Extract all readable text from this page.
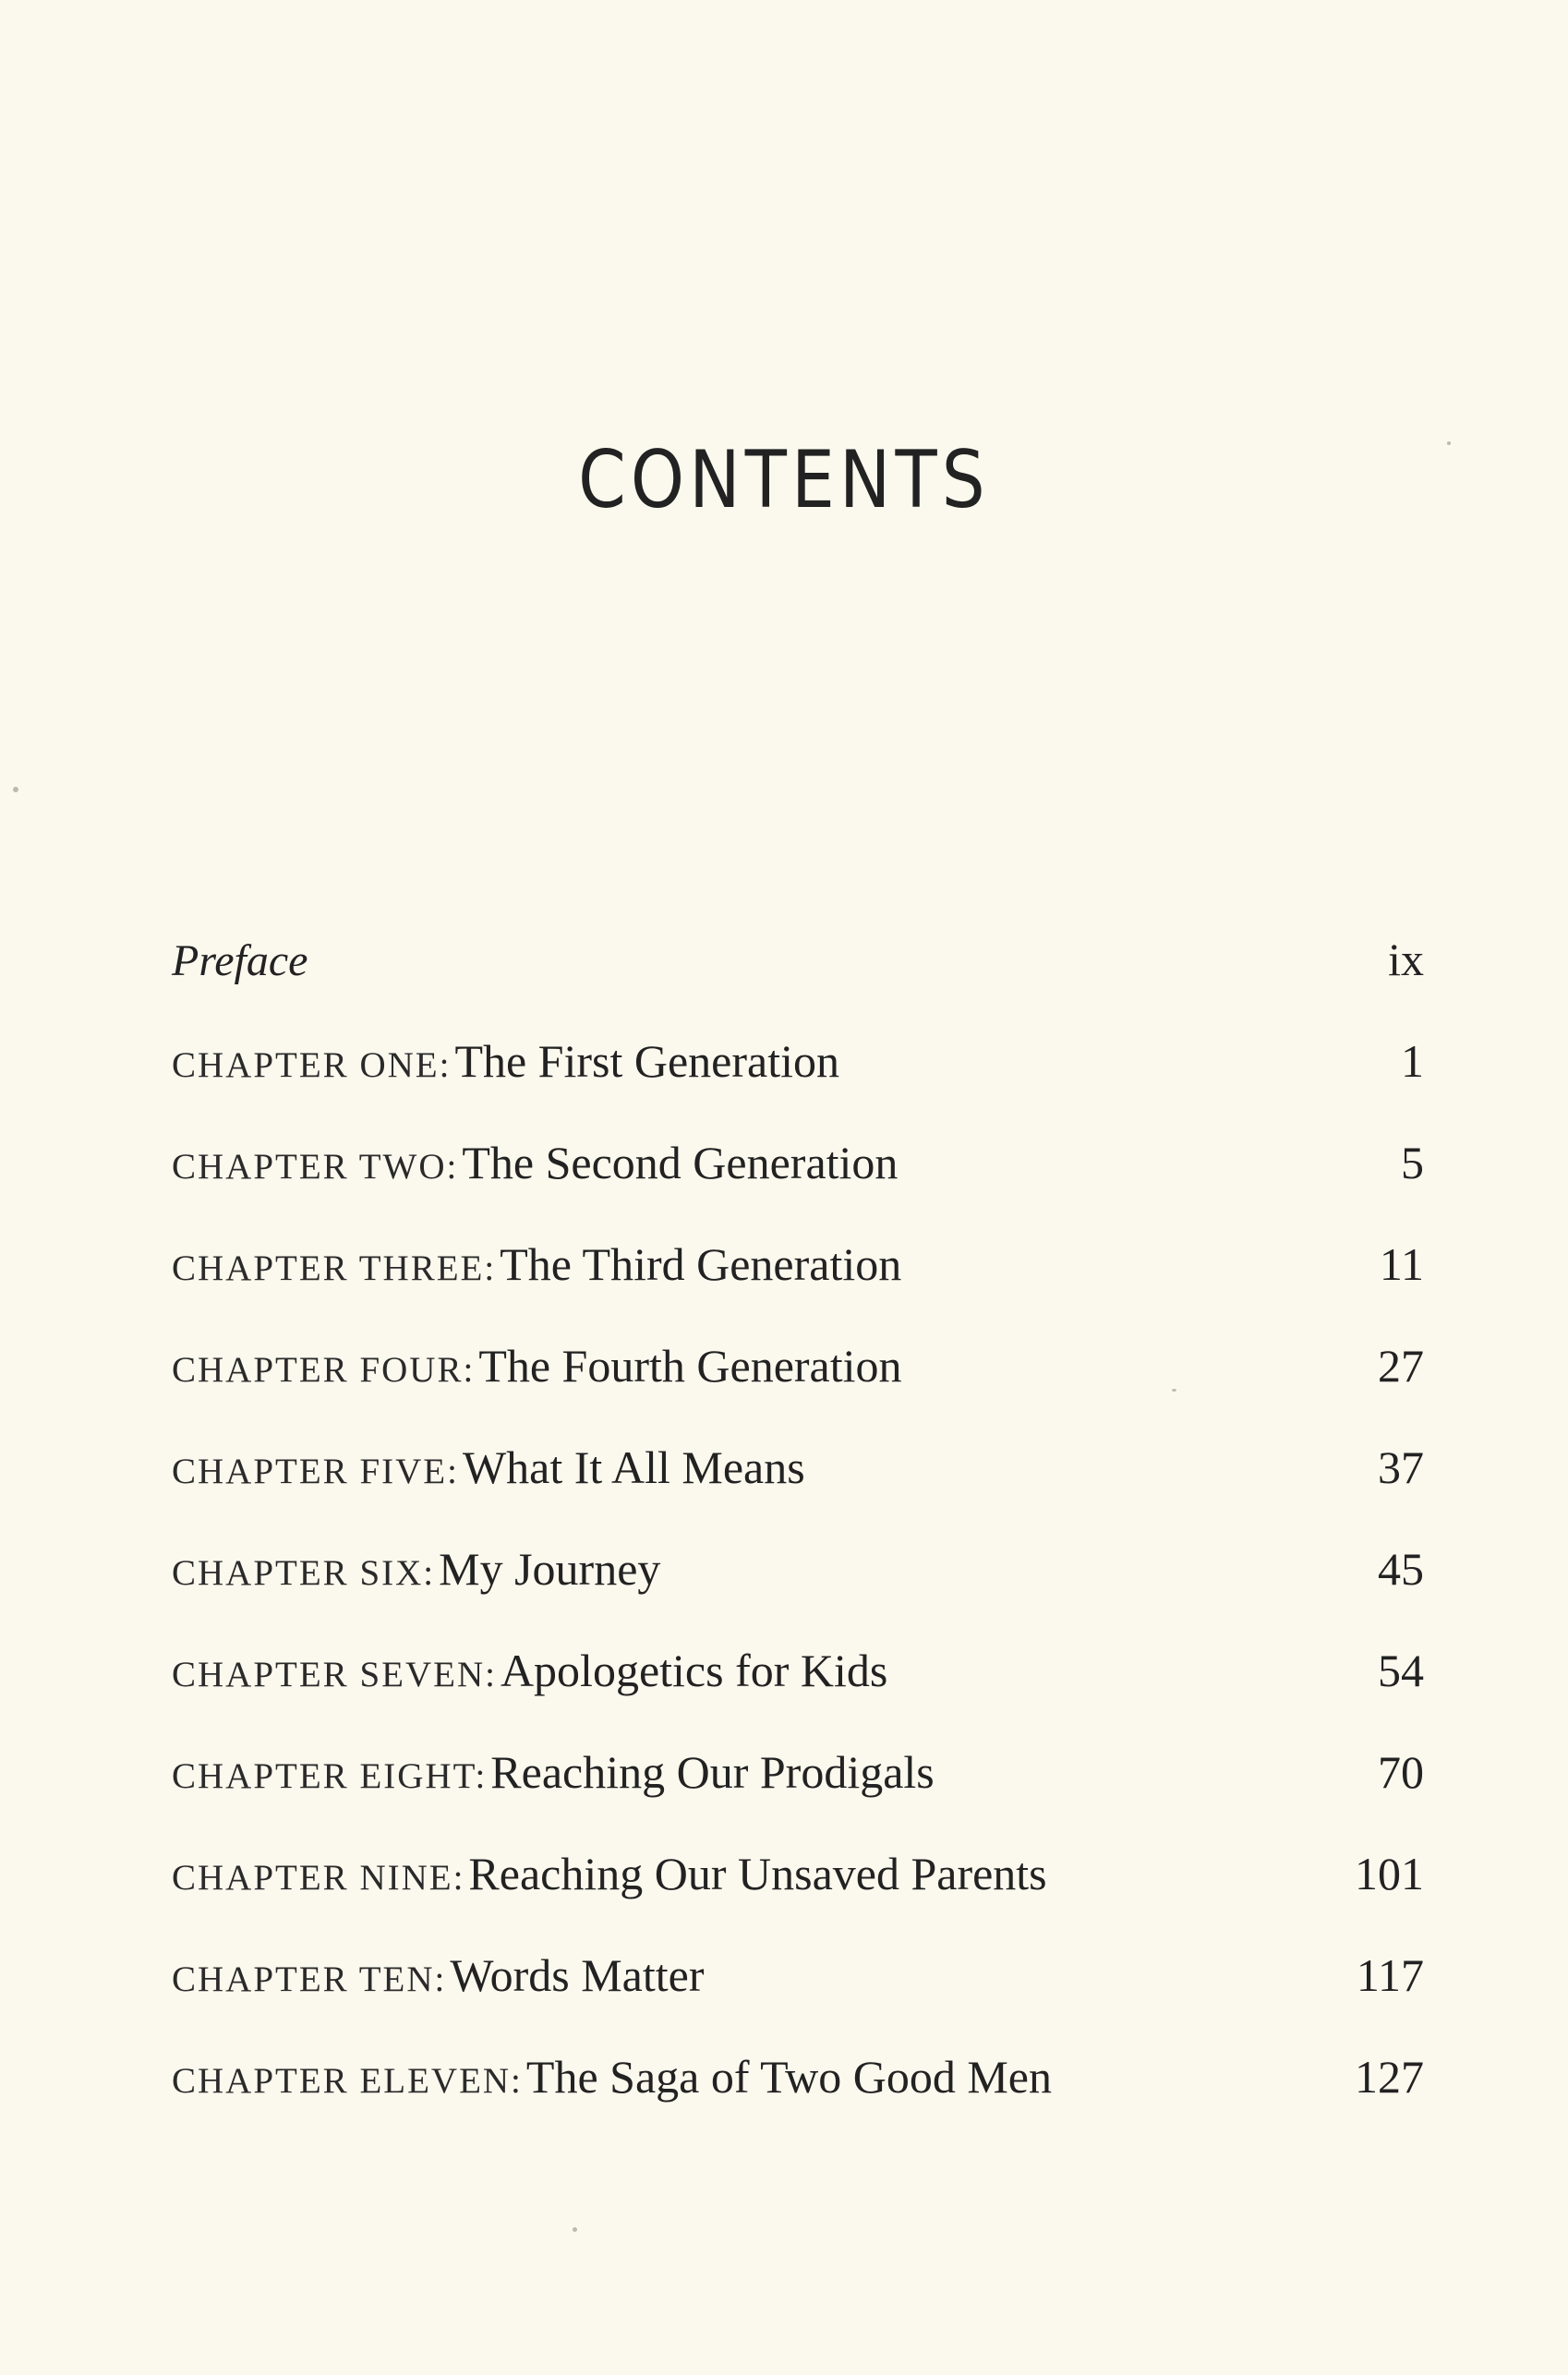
CONTENTS
Preface	ix
CHAPTER ONE: The First Generation	1
CHAPTER TWO: The Second Generation	5
CHAPTER THREE: The Third Generation	11
CHAPTER FOUR: The Fourth Generation	27
CHAPTER FIVE: What It All Means	37
CHAPTER SIX: My Journey	45
CHAPTER SEVEN: Apologetics for Kids	54
CHAPTER EIGHT: Reaching Our Prodigals	70
CHAPTER NINE: Reaching Our Unsaved Parents	101
CHAPTER TEN: Words Matter	117
CHAPTER ELEVEN: The Saga of Two Good Men	127
